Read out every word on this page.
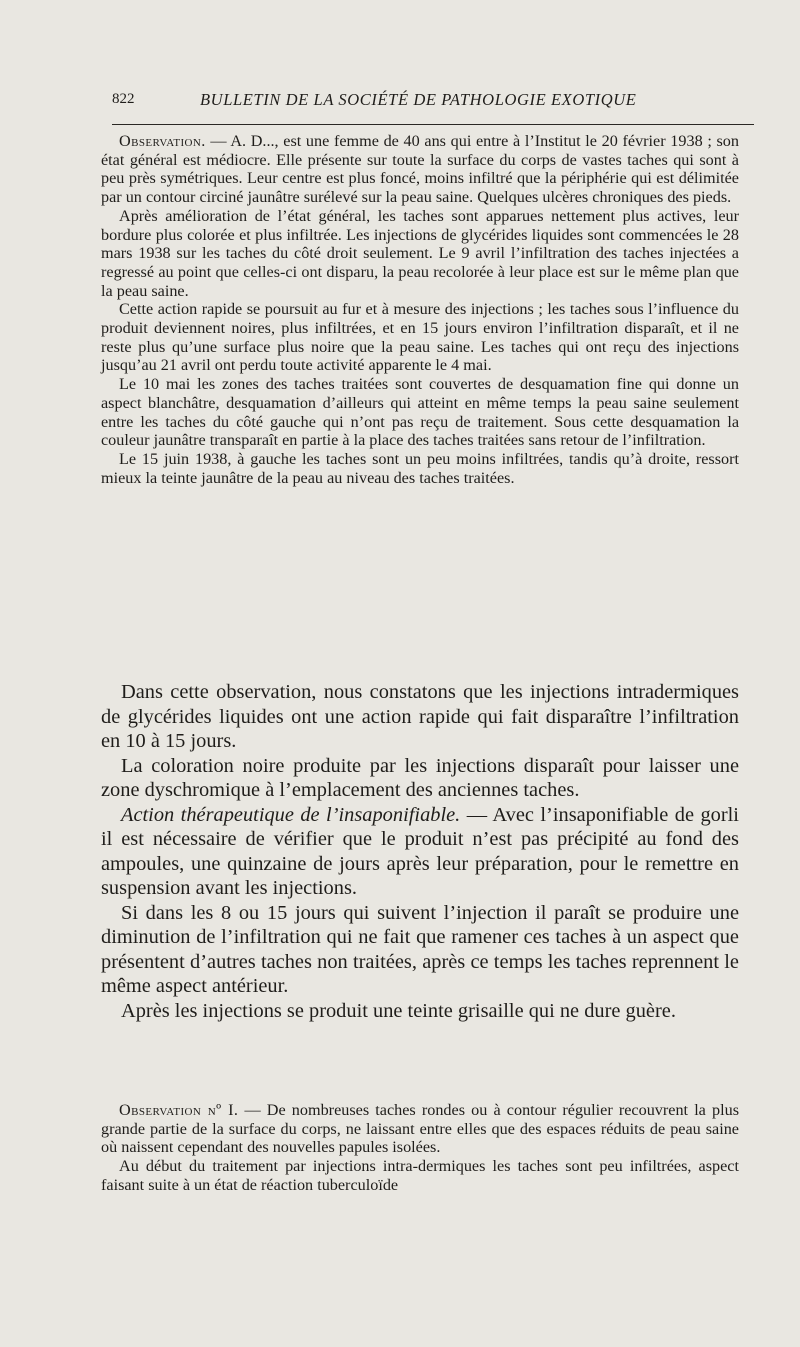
822	BULLETIN DE LA SOCIÉTÉ DE PATHOLOGIE EXOTIQUE

Observation. — A. D..., est une femme de 40 ans qui entre à l’Institut le 20 février 1938 ; son état général est médiocre. Elle présente sur toute la surface du corps de vastes taches qui sont à peu près symétriques. Leur centre est plus foncé, moins infiltré que la périphérie qui est délimitée par un contour circiné jaunâtre surélevé sur la peau saine. Quelques ulcères chroniques des pieds.

Après amélioration de l’état général, les taches sont apparues nettement plus actives, leur bordure plus colorée et plus infiltrée. Les injections de glycérides liquides sont commencées le 28 mars 1938 sur les taches du côté droit seulement. Le 9 avril l’infiltration des taches injectées a regressé au point que celles-ci ont disparu, la peau recolorée à leur place est sur le même plan que la peau saine.

Cette action rapide se poursuit au fur et à mesure des injections ; les taches sous l’influence du produit deviennent noires, plus infiltrées, et en 15 jours environ l’infiltration disparaît, et il ne reste plus qu’une surface plus noire que la peau saine. Les taches qui ont reçu des injections jusqu’au 21 avril ont perdu toute activité apparente le 4 mai.

Le 10 mai les zones des taches traitées sont couvertes de desquamation fine qui donne un aspect blanchâtre, desquamation d’ailleurs qui atteint en même temps la peau saine seulement entre les taches du côté gauche qui n’ont pas reçu de traitement. Sous cette desquamation la couleur jaunâtre transparaît en partie à la place des taches traitées sans retour de l’infiltration.

Le 15 juin 1938, à gauche les taches sont un peu moins infiltrées, tandis qu’à droite, ressort mieux la teinte jaunâtre de la peau au niveau des taches traitées.

Dans cette observation, nous constatons que les injections intradermiques de glycérides liquides ont une action rapide qui fait disparaître l’infiltration en 10 à 15 jours.

La coloration noire produite par les injections disparaît pour laisser une zone dyschromique à l’emplacement des anciennes taches.

Action thérapeutique de l’insaponifiable. — Avec l’insaponifiable de gorli il est nécessaire de vérifier que le produit n’est pas précipité au fond des ampoules, une quinzaine de jours après leur préparation, pour le remettre en suspension avant les injections.

Si dans les 8 ou 15 jours qui suivent l’injection il paraît se produire une diminution de l’infiltration qui ne fait que ramener ces taches à un aspect que présentent d’autres taches non traitées, après ce temps les taches reprennent le même aspect antérieur.

Après les injections se produit une teinte grisaille qui ne dure guère.

Observation nº I. — De nombreuses taches rondes ou à contour régulier recouvrent la plus grande partie de la surface du corps, ne laissant entre elles que des espaces réduits de peau saine où naissent cependant des nouvelles papules isolées.

Au début du traitement par injections intra-dermiques les taches sont peu infiltrées, aspect faisant suite à un état de réaction tuberculoïde
